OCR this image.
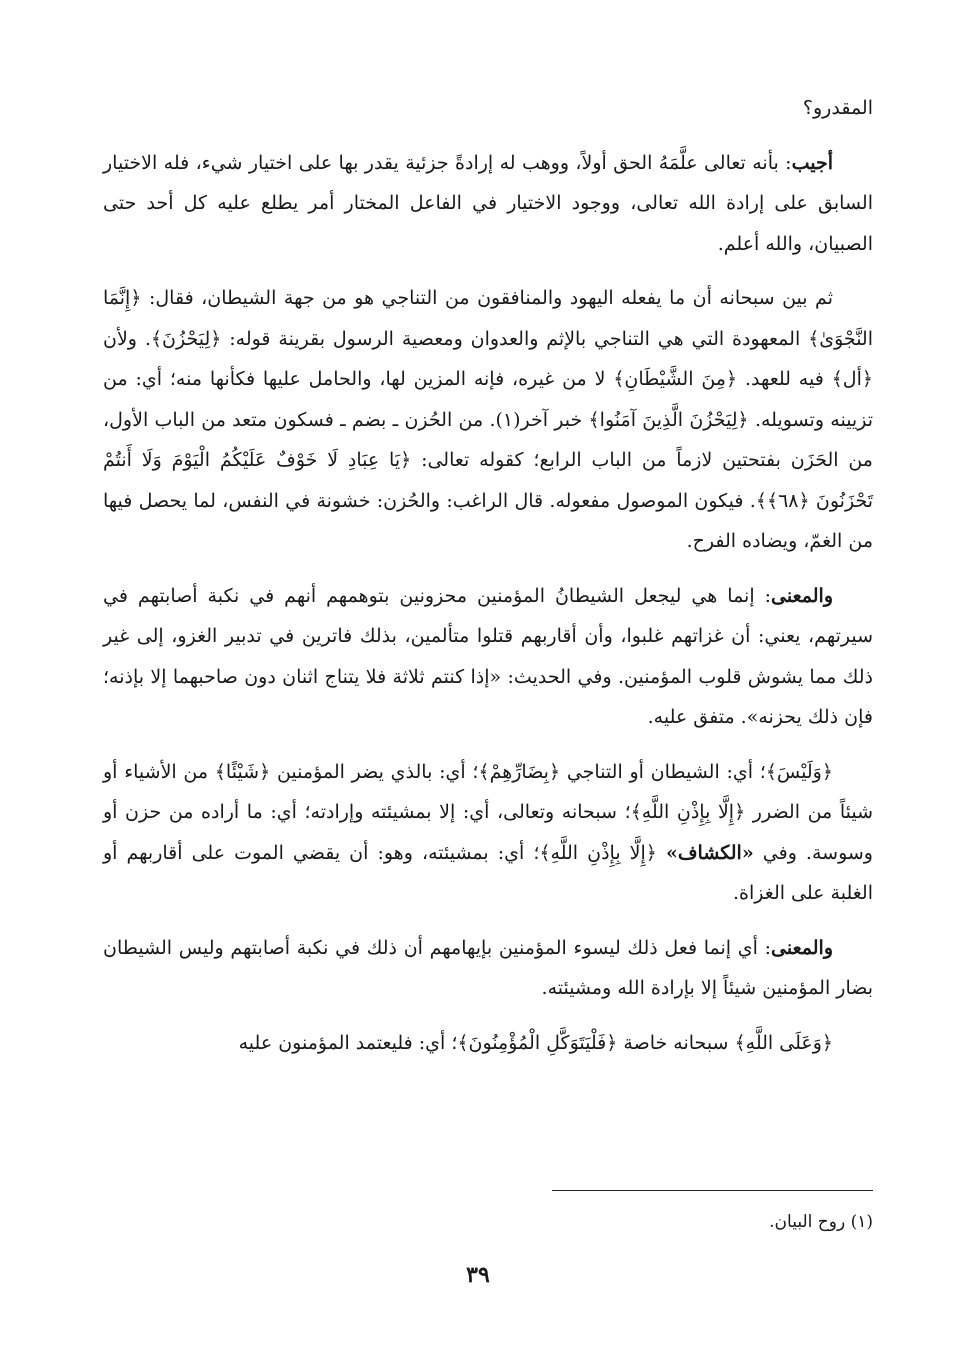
المقدرو؟

أجيب: بأنه تعالى علَّمَهُ الحق أولاً، ووهب له إرادةً جزئية يقدر بها على اختيار شيء، فله الاختيار السابق على إرادة الله تعالى، ووجود الاختيار في الفاعل المختار أمر يطلع عليه كل أحد حتى الصبيان، والله أعلم.

ثم بين سبحانه أن ما يفعله اليهود والمنافقون من التناجي هو من جهة الشيطان، فقال: ﴿إِنَّمَا النَّجْوَىٰ﴾ المعهودة التي هي التناجي بالإثم والعدوان ومعصية الرسول بقرينة قوله: ﴿لِيَحْزُنَ﴾. ولأن ﴿أل﴾ فيه للعهد. ﴿مِنَ الشَّيْطَانِ﴾ لا من غيره، فإنه المزين لها، والحامل عليها فكأنها منه؛ أي: من تزيينه وتسويله. ﴿لِيَحْزُنَ الَّذِينَ آمَنُوا﴾ خبر آخر(١). من الحُزن ـ بضم ـ فسكون متعد من الباب الأول، من الحَزَن بفتحتين لازماً من الباب الرابع؛ كقوله تعالى: ﴿يَا عِبَادِ لَا خَوْفٌ عَلَيْكُمُ الْيَوْمَ وَلَا أَنتُمْ تَحْزَنُونَ ﴿٦٨﴾﴾. فيكون الموصول مفعوله. قال الراغب: والحُزن: خشونة في النفس، لما يحصل فيها من الغمّ، ويضاده الفرح.

والمعنى: إنما هي ليجعل الشيطانُ المؤمنين محزونين بتوهمهم أنهم في نكبة أصابتهم في سيرتهم، يعني: أن غزاتهم غلبوا، وأن أقاربهم قتلوا متألمين، بذلك فاترين في تدبير الغزو، إلى غير ذلك مما يشوش قلوب المؤمنين. وفي الحديث: «إذا كنتم ثلاثة فلا يتناج اثنان دون صاحبهما إلا بإذنه؛ فإن ذلك يحزنه». متفق عليه.

﴿وَلَيْسَ﴾؛ أي: الشيطان أو التناجي ﴿بِضَارِّهِمْ﴾؛ أي: بالذي يضر المؤمنين ﴿شَيْئًا﴾ من الأشياء أو شيئاً من الضرر ﴿إِلَّا بِإِذْنِ اللَّهِ﴾؛ سبحانه وتعالى، أي: إلا بمشيئته وإرادته؛ أي: ما أراده من حزن أو وسوسة. وفي «الكشاف» ﴿إِلَّا بِإِذْنِ اللَّهِ﴾؛ أي: بمشيئته، وهو: أن يقضي الموت على أقاربهم أو الغلبة على الغزاة.

والمعنى: أي إنما فعل ذلك ليسوء المؤمنين بإيهامهم أن ذلك في نكبة أصابتهم وليس الشيطان بضار المؤمنين شيئاً إلا بإرادة الله ومشيئته.

﴿وَعَلَى اللَّهِ﴾ سبحانه خاصة ﴿فَلْيَتَوَكَّلِ الْمُؤْمِنُونَ﴾؛ أي: فليعتمد المؤمنون عليه

(١) روح البيان.
٣٩
